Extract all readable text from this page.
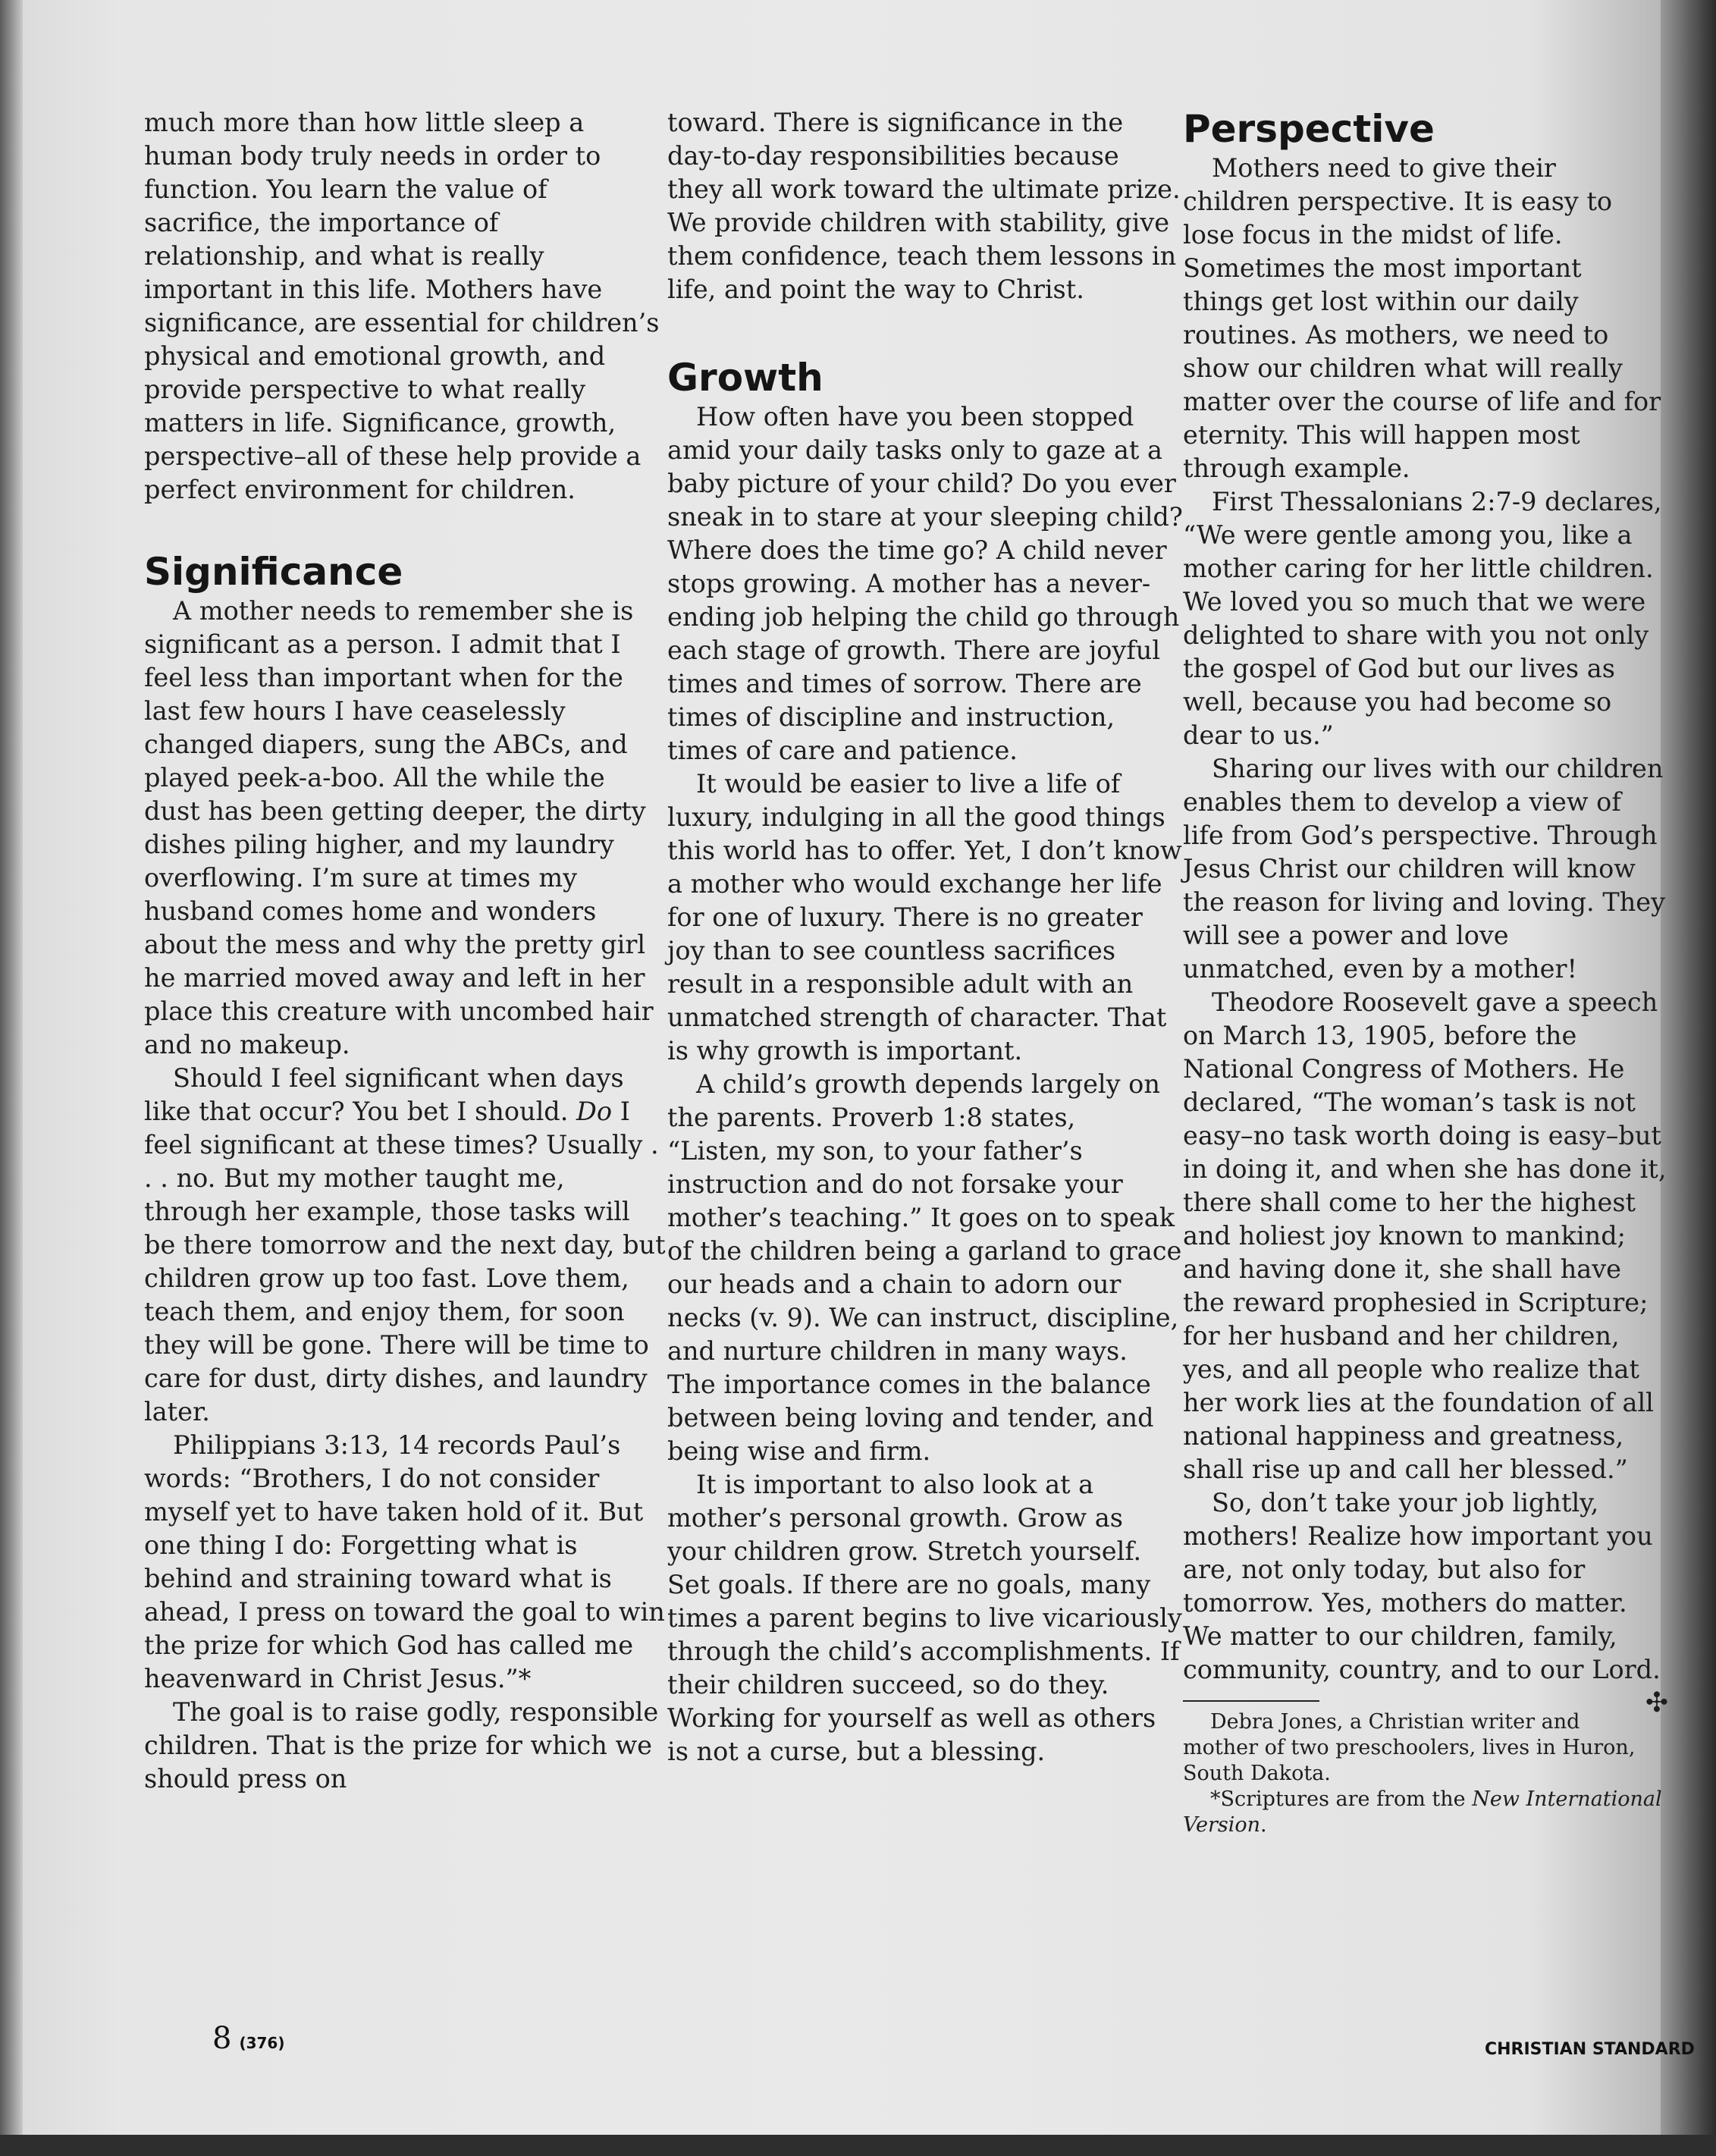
much more than how little sleep a human body truly needs in order to function. You learn the value of sacrifice, the importance of relationship, and what is really important in this life. Mothers have significance, are essential for children’s physical and emotional growth, and provide perspective to what really matters in life. Significance, growth, perspective–all of these help provide a perfect environment for children.

Significance

A mother needs to remember she is significant as a person. I admit that I feel less than important when for the last few hours I have ceaselessly changed diapers, sung the ABCs, and played peek-a-boo. All the while the dust has been getting deeper, the dirty dishes piling higher, and my laundry overflowing. I’m sure at times my husband comes home and wonders about the mess and why the pretty girl he married moved away and left in her place this creature with uncombed hair and no makeup.

Should I feel significant when days like that occur? You bet I should. Do I feel significant at these times? Usually . . . no. But my mother taught me, through her example, those tasks will be there tomorrow and the next day, but children grow up too fast. Love them, teach them, and enjoy them, for soon they will be gone. There will be time to care for dust, dirty dishes, and laundry later.

Philippians 3:13, 14 records Paul’s words: “Brothers, I do not consider myself yet to have taken hold of it. But one thing I do: Forgetting what is behind and straining toward what is ahead, I press on toward the goal to win the prize for which God has called me heavenward in Christ Jesus.”*

The goal is to raise godly, responsible children. That is the prize for which we should press on

toward. There is significance in the day-to-day responsibilities because they all work toward the ultimate prize. We provide children with stability, give them confidence, teach them lessons in life, and point the way to Christ.

Growth

How often have you been stopped amid your daily tasks only to gaze at a baby picture of your child? Do you ever sneak in to stare at your sleeping child? Where does the time go? A child never stops growing. A mother has a never-ending job helping the child go through each stage of growth. There are joyful times and times of sorrow. There are times of discipline and instruction, times of care and patience.

It would be easier to live a life of luxury, indulging in all the good things this world has to offer. Yet, I don’t know a mother who would exchange her life for one of luxury. There is no greater joy than to see countless sacrifices result in a responsible adult with an unmatched strength of character. That is why growth is important.

A child’s growth depends largely on the parents. Proverb 1:8 states, “Listen, my son, to your father’s instruction and do not forsake your mother’s teaching.” It goes on to speak of the children being a garland to grace our heads and a chain to adorn our necks (v. 9). We can instruct, discipline, and nurture children in many ways. The importance comes in the balance between being loving and tender, and being wise and firm.

It is important to also look at a mother’s personal growth. Grow as your children grow. Stretch yourself. Set goals. If there are no goals, many times a parent begins to live vicariously through the child’s accomplishments. If their children succeed, so do they. Working for yourself as well as others is not a curse, but a blessing.

Perspective

Mothers need to give their children perspective. It is easy to lose focus in the midst of life. Sometimes the most important things get lost within our daily routines. As mothers, we need to show our children what will really matter over the course of life and for eternity. This will happen most through example.

First Thessalonians 2:7-9 declares, “We were gentle among you, like a mother caring for her little children. We loved you so much that we were delighted to share with you not only the gospel of God but our lives as well, because you had become so dear to us.”

Sharing our lives with our children enables them to develop a view of life from God’s perspective. Through Jesus Christ our children will know the reason for living and loving. They will see a power and love unmatched, even by a mother!

Theodore Roosevelt gave a speech on March 13, 1905, before the National Congress of Mothers. He declared, “The woman’s task is not easy–no task worth doing is easy–but in doing it, and when she has done it, there shall come to her the highest and holiest joy known to mankind; and having done it, she shall have the reward prophesied in Scripture; for her husband and her children, yes, and all people who realize that her work lies at the foundation of all national happiness and greatness, shall rise up and call her blessed.”

So, don’t take your job lightly, mothers! Realize how important you are, not only today, but also for tomorrow. Yes, mothers do matter. We matter to our children, family, community, country, and to our Lord.
✣

Debra Jones, a Christian writer and mother of two preschoolers, lives in Huron, South Dakota.

*Scriptures are from the New International Version.

8 (376)	CHRISTIAN STANDARD
